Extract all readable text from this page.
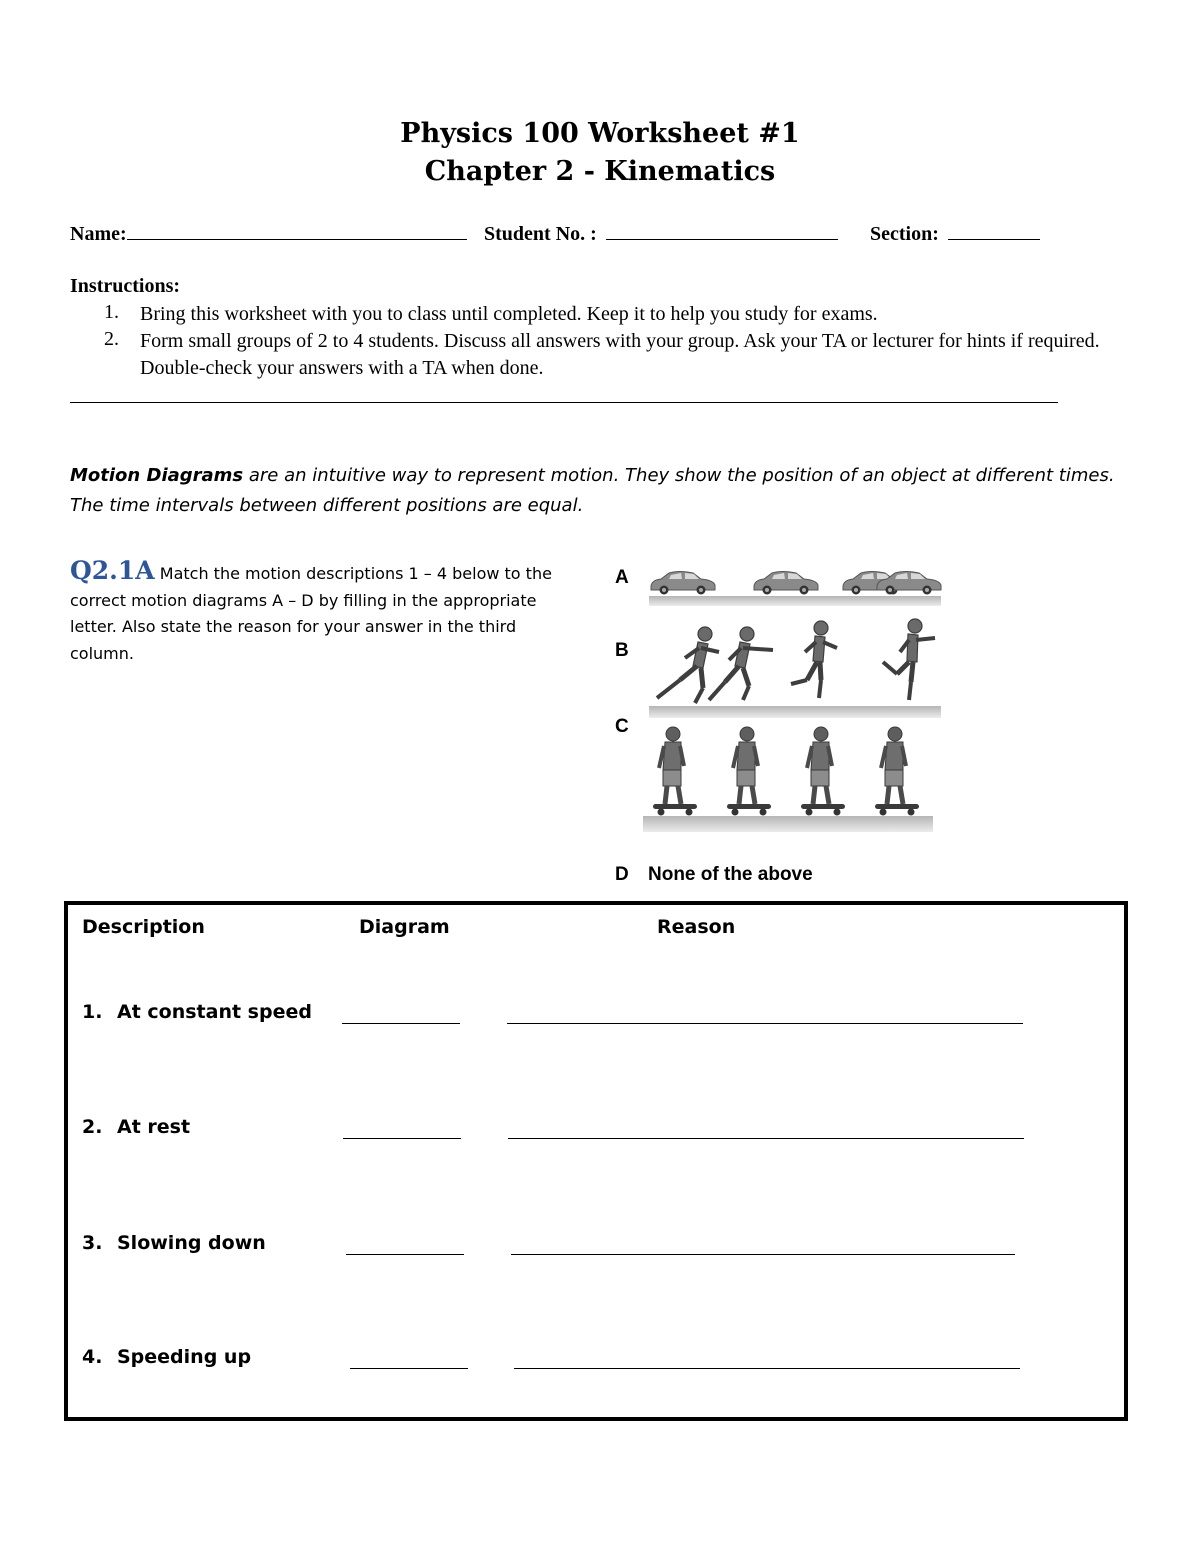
Physics 100 Worksheet #1
Chapter 2 - Kinematics
Name:	Student No. :	Section:
Instructions:
1. Bring this worksheet with you to class until completed. Keep it to help you study for exams.
2. Form small groups of 2 to 4 students. Discuss all answers with your group. Ask your TA or lecturer for hints if required. Double-check your answers with a TA when done.
Motion Diagrams are an intuitive way to represent motion. They show the position of an object at different times. The time intervals between different positions are equal.
Q2.1A Match the motion descriptions 1 – 4 below to the correct motion diagrams A – D by filling in the appropriate letter. Also state the reason for your answer in the third column.
A
B
C
D None of the above
Description	Diagram	Reason
1. At constant speed
2. At rest
3. Slowing down
4. Speeding up
